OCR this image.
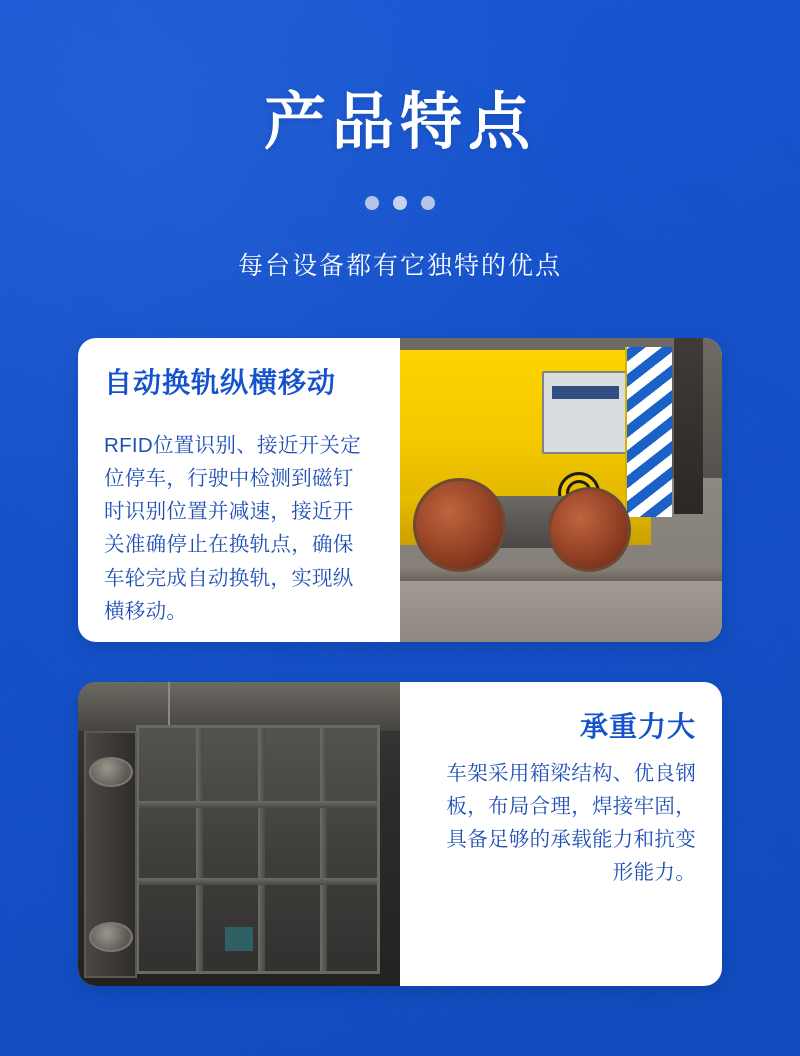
产品特点

每台设备都有它独特的优点

自动换轨纵横移动

RFID位置识别、接近开关定位停车，行驶中检测到磁钉时识别位置并减速，接近开关准确停止在换轨点，确保车轮完成自动换轨，实现纵横移动。

承重力大

车架采用箱梁结构、优良钢板，布局合理，焊接牢固，具备足够的承载能力和抗变形能力。
